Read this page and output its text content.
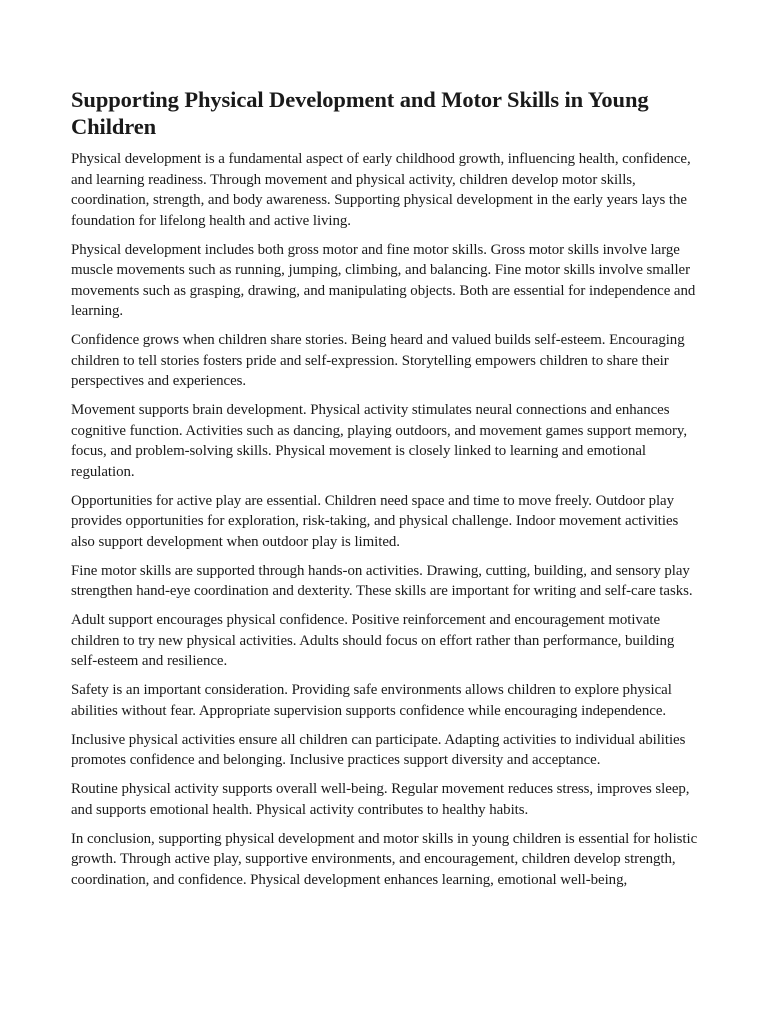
Supporting Physical Development and Motor Skills in Young Children

Physical development is a fundamental aspect of early childhood growth, influencing health, confidence, and learning readiness. Through movement and physical activity, children develop motor skills, coordination, strength, and body awareness. Supporting physical development in the early years lays the foundation for lifelong health and active living.

Physical development includes both gross motor and fine motor skills. Gross motor skills involve large muscle movements such as running, jumping, climbing, and balancing. Fine motor skills involve smaller movements such as grasping, drawing, and manipulating objects. Both are essential for independence and learning.

Confidence grows when children share stories. Being heard and valued builds self-esteem. Encouraging children to tell stories fosters pride and self-expression. Storytelling empowers children to share their perspectives and experiences.

Movement supports brain development. Physical activity stimulates neural connections and enhances cognitive function. Activities such as dancing, playing outdoors, and movement games support memory, focus, and problem-solving skills. Physical movement is closely linked to learning and emotional regulation.

Opportunities for active play are essential. Children need space and time to move freely. Outdoor play provides opportunities for exploration, risk-taking, and physical challenge. Indoor movement activities also support development when outdoor play is limited.

Fine motor skills are supported through hands-on activities. Drawing, cutting, building, and sensory play strengthen hand-eye coordination and dexterity. These skills are important for writing and self-care tasks.

Adult support encourages physical confidence. Positive reinforcement and encouragement motivate children to try new physical activities. Adults should focus on effort rather than performance, building self-esteem and resilience.

Safety is an important consideration. Providing safe environments allows children to explore physical abilities without fear. Appropriate supervision supports confidence while encouraging independence.

Inclusive physical activities ensure all children can participate. Adapting activities to individual abilities promotes confidence and belonging. Inclusive practices support diversity and acceptance.

Routine physical activity supports overall well-being. Regular movement reduces stress, improves sleep, and supports emotional health. Physical activity contributes to healthy habits.

In conclusion, supporting physical development and motor skills in young children is essential for holistic growth. Through active play, supportive environments, and encouragement, children develop strength, coordination, and confidence. Physical development enhances learning, emotional well-being,
